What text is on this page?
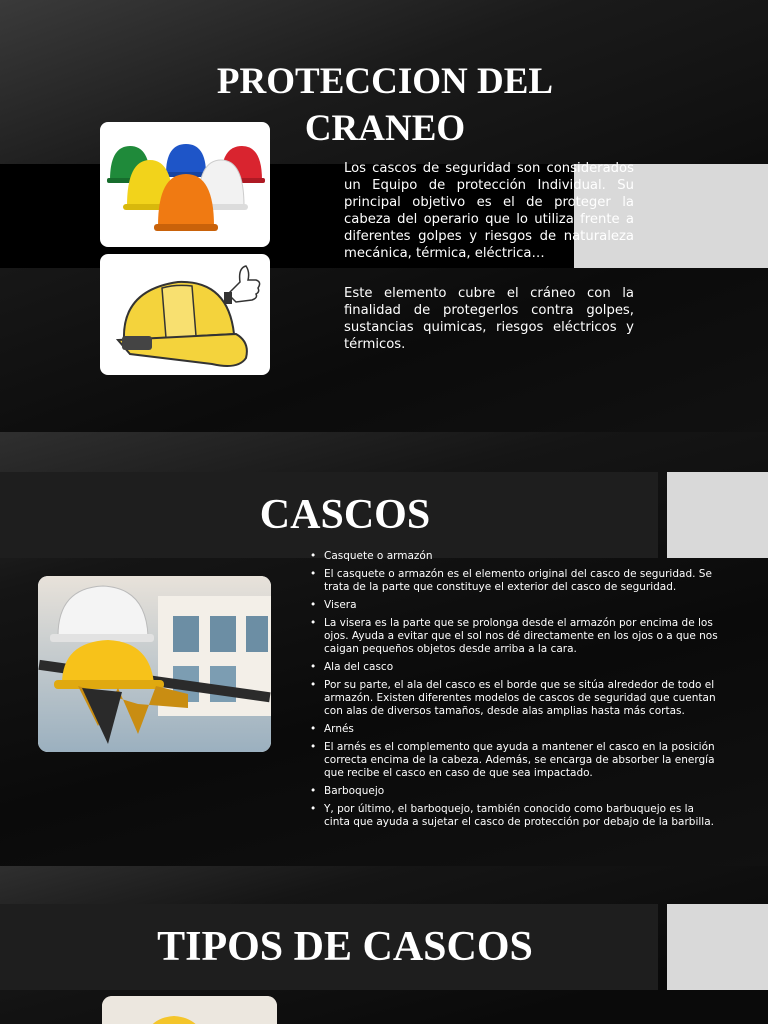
PROTECCION DEL
CRANEO

Los cascos de seguridad son considerados un Equipo de protección Individual. Su principal objetivo es el de proteger la cabeza del operario que lo utiliza frente a diferentes golpes y riesgos de naturaleza mecánica, térmica, eléctrica…

Este elemento cubre el cráneo con la finalidad de protegerlos contra golpes, sustancias quimicas, riesgos eléctricos y térmicos.

CASCOS
• Casquete o armazón
• El casquete o armazón es el elemento original del casco de seguridad. Se trata de la parte que constituye el exterior del casco de seguridad.
• Visera
• La visera es la parte que se prolonga desde el armazón por encima de los ojos. Ayuda a evitar que el sol nos dé directamente en los ojos o a que nos caigan pequeños objetos desde arriba a la cara.
• Ala del casco
• Por su parte, el ala del casco es el borde que se sitúa alrededor de todo el armazón. Existen diferentes modelos de cascos de seguridad que cuentan con alas de diversos tamaños, desde alas amplias hasta más cortas.
• Arnés
• El arnés es el complemento que ayuda a mantener el casco en la posición correcta encima de la cabeza. Además, se encarga de absorber la energía que recibe el casco en caso de que sea impactado.
• Barboquejo
• Y, por último, el barboquejo, también conocido como barbuquejo es la cinta que ayuda a sujetar el casco de protección por debajo de la barbilla.
TIPOS DE CASCOS
